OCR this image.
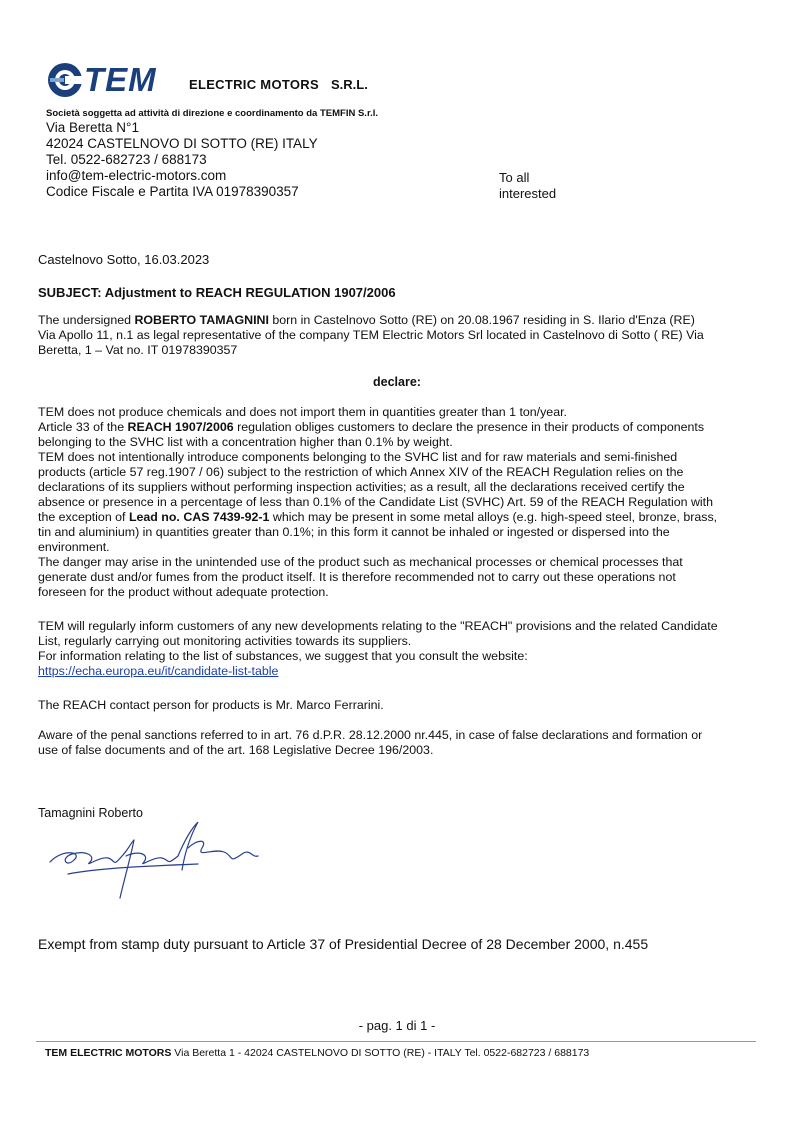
TEM ELECTRIC MOTORS S.R.L.
Società soggetta ad attività di direzione e coordinamento da TEMFIN S.r.l.
Via Beretta N°1
42024 CASTELNOVO DI SOTTO (RE) ITALY
Tel. 0522-682723 / 688173
info@tem-electric-motors.com
Codice Fiscale e Partita IVA 01978390357
To all
interested
Castelnovo Sotto, 16.03.2023
SUBJECT: Adjustment to REACH REGULATION 1907/2006
The undersigned ROBERTO TAMAGNINI born in Castelnovo Sotto (RE) on 20.08.1967 residing in S. Ilario d'Enza (RE)
Via Apollo 11, n.1 as legal representative of the company TEM Electric Motors Srl located in Castelnovo di Sotto ( RE) Via
Beretta, 1 – Vat no. IT 01978390357
declare:
TEM does not produce chemicals and does not import them in quantities greater than 1 ton/year.
Article 33 of the REACH 1907/2006 regulation obliges customers to declare the presence in their products of components
belonging to the SVHC list with a concentration higher than 0.1% by weight.
TEM does not intentionally introduce components belonging to the SVHC list and for raw materials and semi-finished
products (article 57 reg.1907 / 06) subject to the restriction of which Annex XIV of the REACH Regulation relies on the
declarations of its suppliers without performing inspection activities; as a result, all the declarations received certify the
absence or presence in a percentage of less than 0.1% of the Candidate List (SVHC) Art. 59 of the REACH Regulation with
the exception of Lead no. CAS 7439-92-1 which may be present in some metal alloys (e.g. high-speed steel, bronze, brass,
tin and aluminium) in quantities greater than 0.1%; in this form it cannot be inhaled or ingested or dispersed into the
environment.
The danger may arise in the unintended use of the product such as mechanical processes or chemical processes that
generate dust and/or fumes from the product itself. It is therefore recommended not to carry out these operations not
foreseen for the product without adequate protection.
TEM will regularly inform customers of any new developments relating to the "REACH" provisions and the related Candidate
List, regularly carrying out monitoring activities towards its suppliers.
For information relating to the list of substances, we suggest that you consult the website:
https://echa.europa.eu/it/candidate-list-table
The REACH contact person for products is Mr. Marco Ferrarini.
Aware of the penal sanctions referred to in art. 76 d.P.R. 28.12.2000 nr.445, in case of false declarations and formation or
use of false documents and of the art. 168 Legislative Decree 196/2003.
Tamagnini Roberto
Exempt from stamp duty pursuant to Article 37 of Presidential Decree of 28 December 2000, n.455
- pag. 1 di 1 -
TEM ELECTRIC MOTORS Via Beretta 1 - 42024 CASTELNOVO DI SOTTO (RE) - ITALY Tel. 0522-682723 / 688173
